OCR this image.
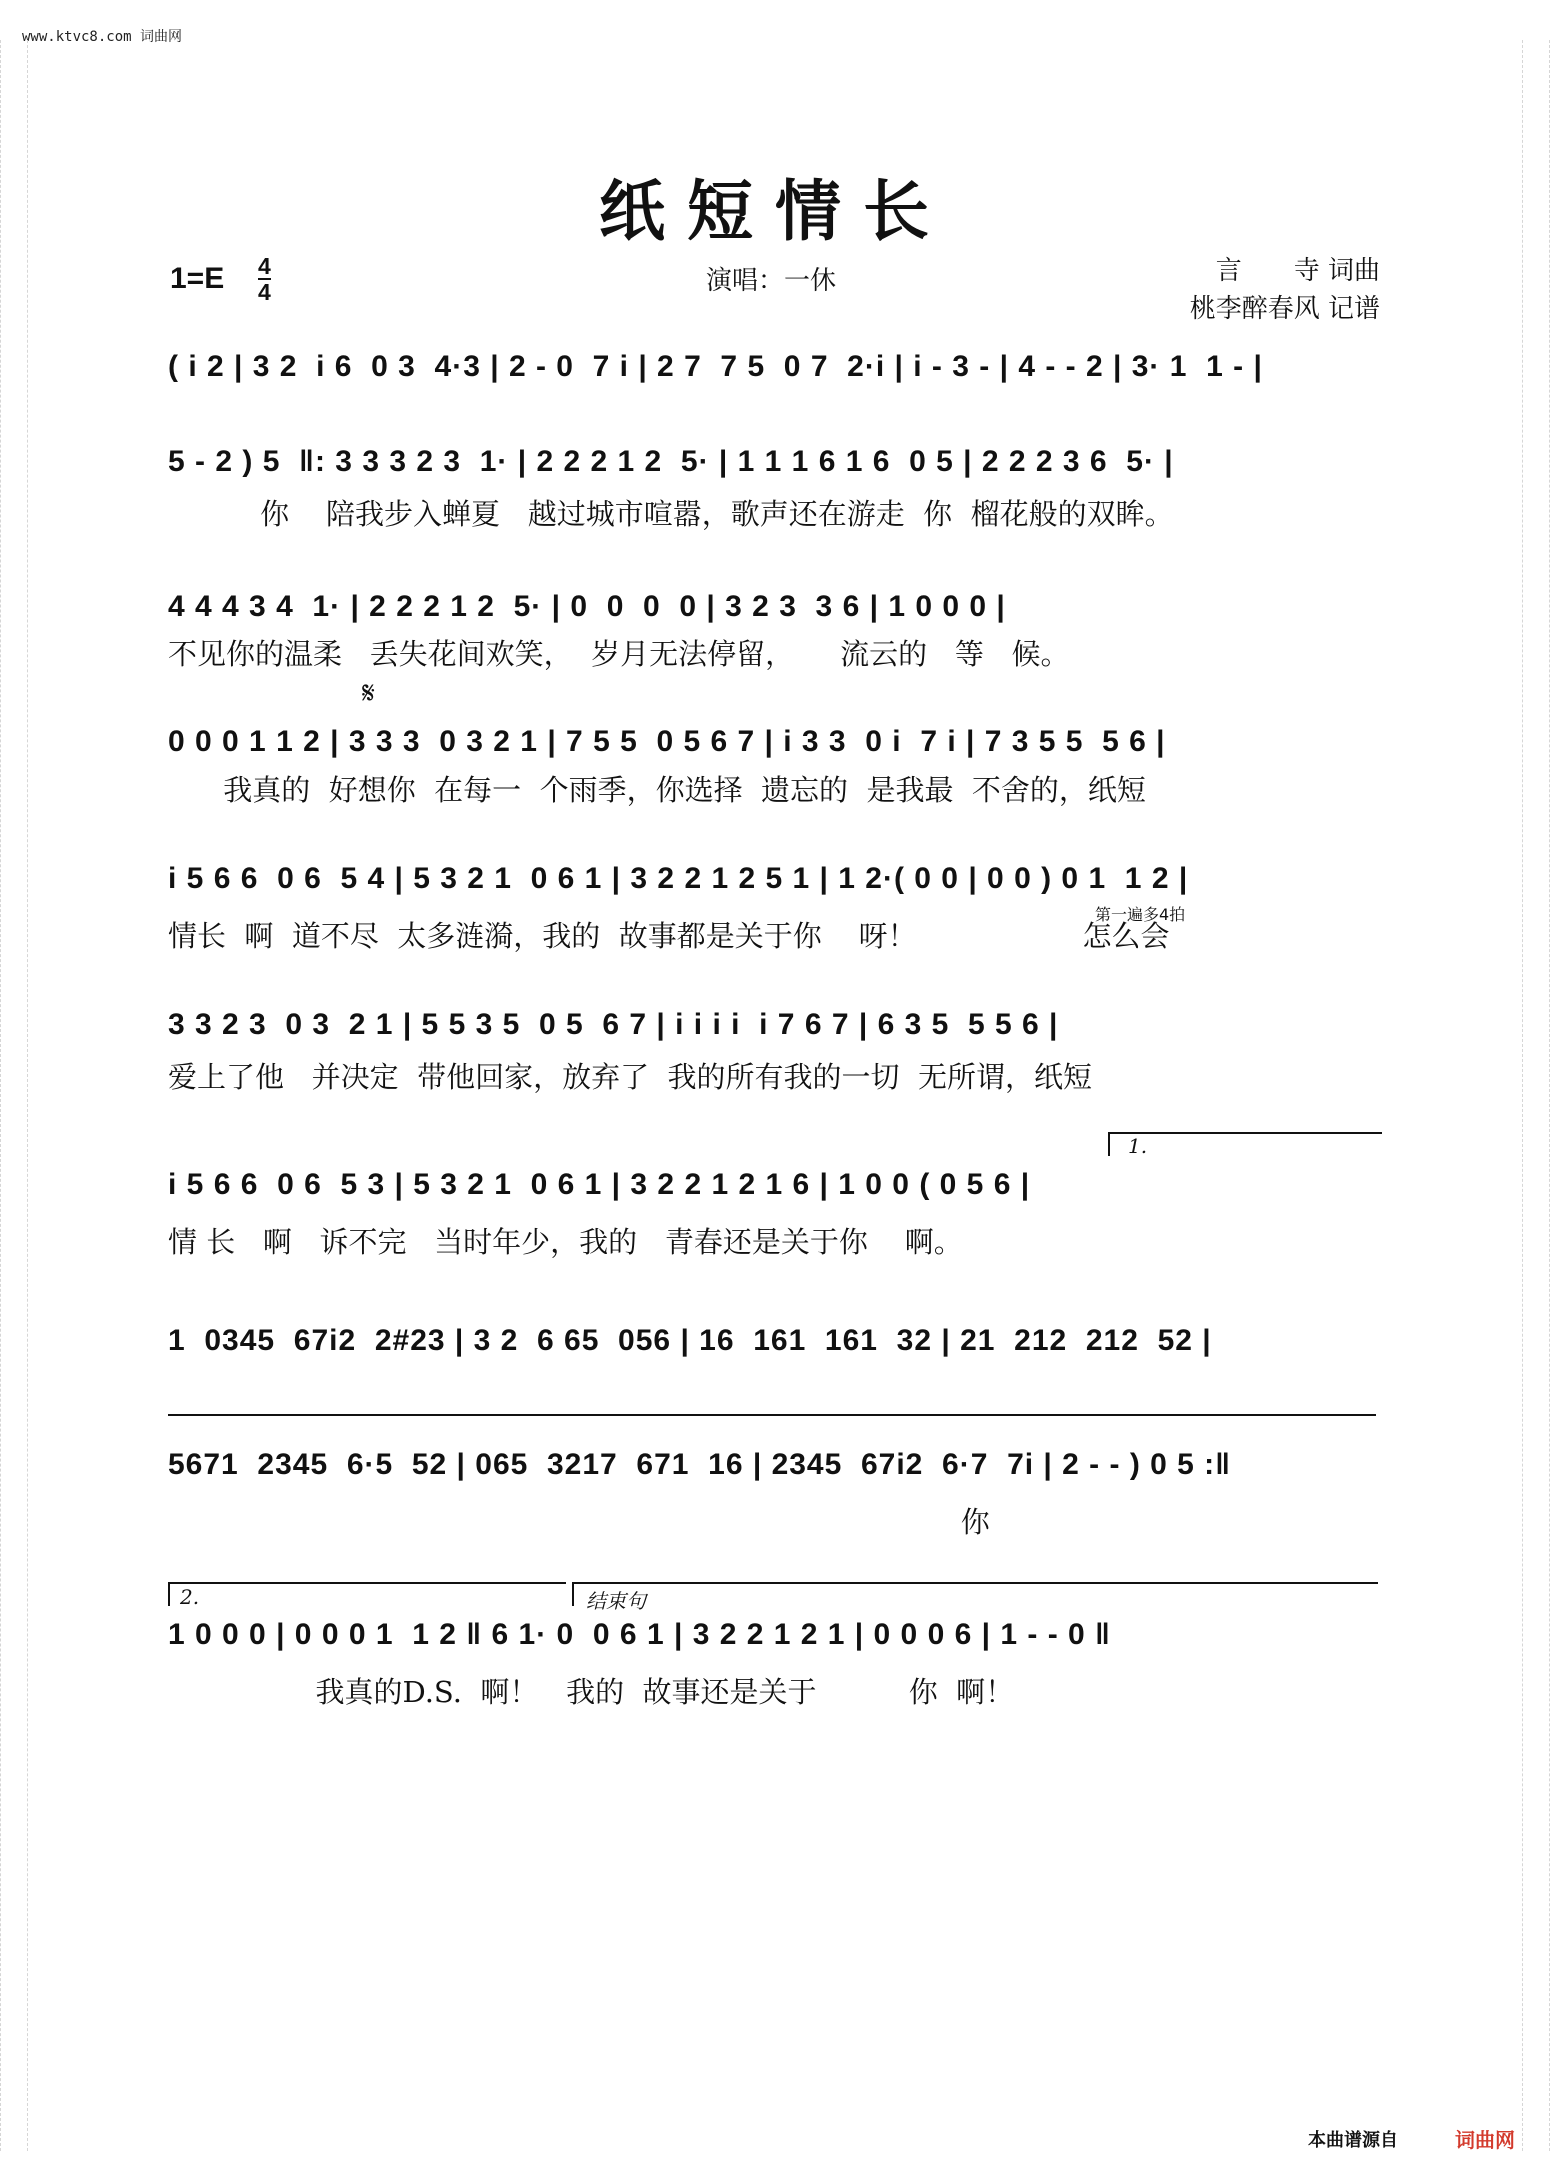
www.ktvc8.com 词曲网
纸短情长
1=E 4
4	演唱：一休	言　　寺 词曲
桃李醉春风 记谱
( i 2 | 3 2  i 6  0 3  4·3 | 2 - 0  7 i | 2 7  7 5  0 7  2·i | i - 3 - | 4 - - 2 | 3· 1  1 - |
5 - 2 ) 5  ‖: 3 3 3 2 3  1· | 2 2 2 1 2  5· | 1 1 1 6 1 6  0 5 | 2 2 2 3 6  5· |
你    陪我步入蝉夏   越过城市喧嚣，歌声还在游走  你  榴花般的双眸。
4 4 4 3 4  1· | 2 2 2 1 2  5· | 0  0  0  0 | 3 2 3  3 6 | 1 0 0 0 |
不见你的温柔   丢失花间欢笑，  岁月无法停留，     流云的   等   候。
0 0 0 1 1 2 | 3 3 3  0 3 2 1 | 7 5 5  0 5 6 7 | i 3 3  0 i  7 i | 7 3 5 5  5 6 |
我真的  好想你  在每一  个雨季，你选择  遗忘的  是我最  不舍的，纸短
i 5 6 6  0 6  5 4 | 5 3 2 1  0 6 1 | 3 2 2 1 2 5 1 | 1 2·( 0 0 | 0 0 ) 0 1  1 2 |
情长  啊  道不尽  太多涟漪，我的  故事都是关于你    呀！                  怎么会
3 3 2 3  0 3  2 1 | 5 5 3 5  0 5  6 7 | i i i i  i 7 6 7 | 6 3 5  5 5 6 |
爱上了他   并决定  带他回家，放弃了  我的所有我的一切  无所谓，纸短
i 5 6 6  0 6  5 3 | 5 3 2 1  0 6 1 | 3 2 2 1 2 1 6 | 1 0 0 ( 0 5 6 |
情 长   啊   诉不完   当时年少，我的   青春还是关于你    啊。
1  0345  67i2  2#23 | 3 2  6 65  056 | 16  161  161  32 | 21  212  212  52 |
5671  2345  6·5  52 | 065  3217  671  16 | 2345  67i2  6·7  7i | 2 - - ) 0 5 :‖
你
1 0 0 0 | 0 0 0 1  1 2 ‖ 6 1· 0  0 6 1 | 3 2 2 1 2 1 | 0 0 0 6 | 1 - - 0 ‖
我真的D.S.  啊！   我的  故事还是关于          你  啊！
𝄋
第一遍多4拍
1.
2.	结束句
本曲谱源自	词曲网
